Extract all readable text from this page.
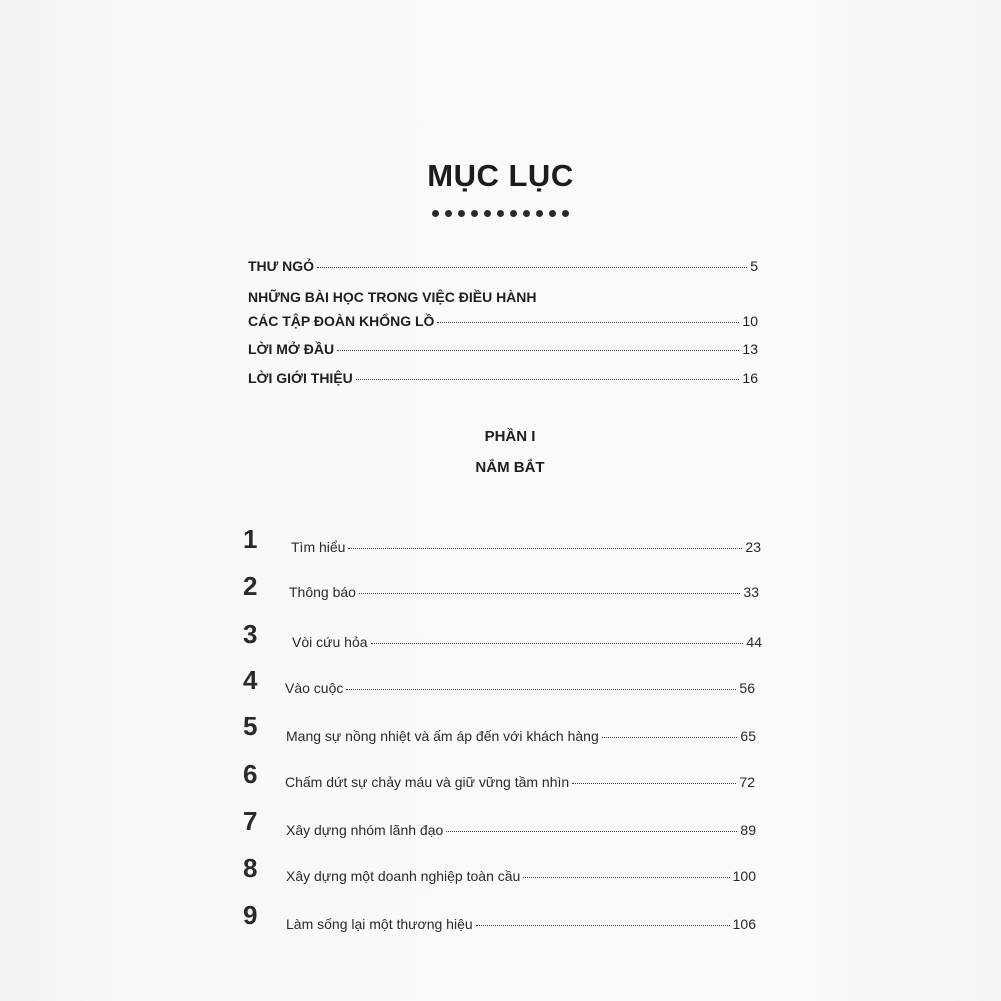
MỤC LỤC
THƯ NGỎ	5
NHỮNG BÀI HỌC TRONG VIỆC ĐIỀU HÀNH
CÁC TẬP ĐOÀN KHỔNG LỒ	10
LỜI MỞ ĐẦU	13
LỜI GIỚI THIỆU	16
PHẦN I
NẮM BẮT
1	Tìm hiểu	23
2	Thông báo	33
3	Vòi cứu hỏa	44
4	Vào cuộc	56
5	Mang sự nồng nhiệt và ấm áp đến với khách hàng	65
6	Chấm dứt sự chảy máu và giữ vững tầm nhìn	72
7	Xây dựng nhóm lãnh đạo	89
8	Xây dựng một doanh nghiệp toàn cầu	100
9	Làm sống lại một thương hiệu	106
